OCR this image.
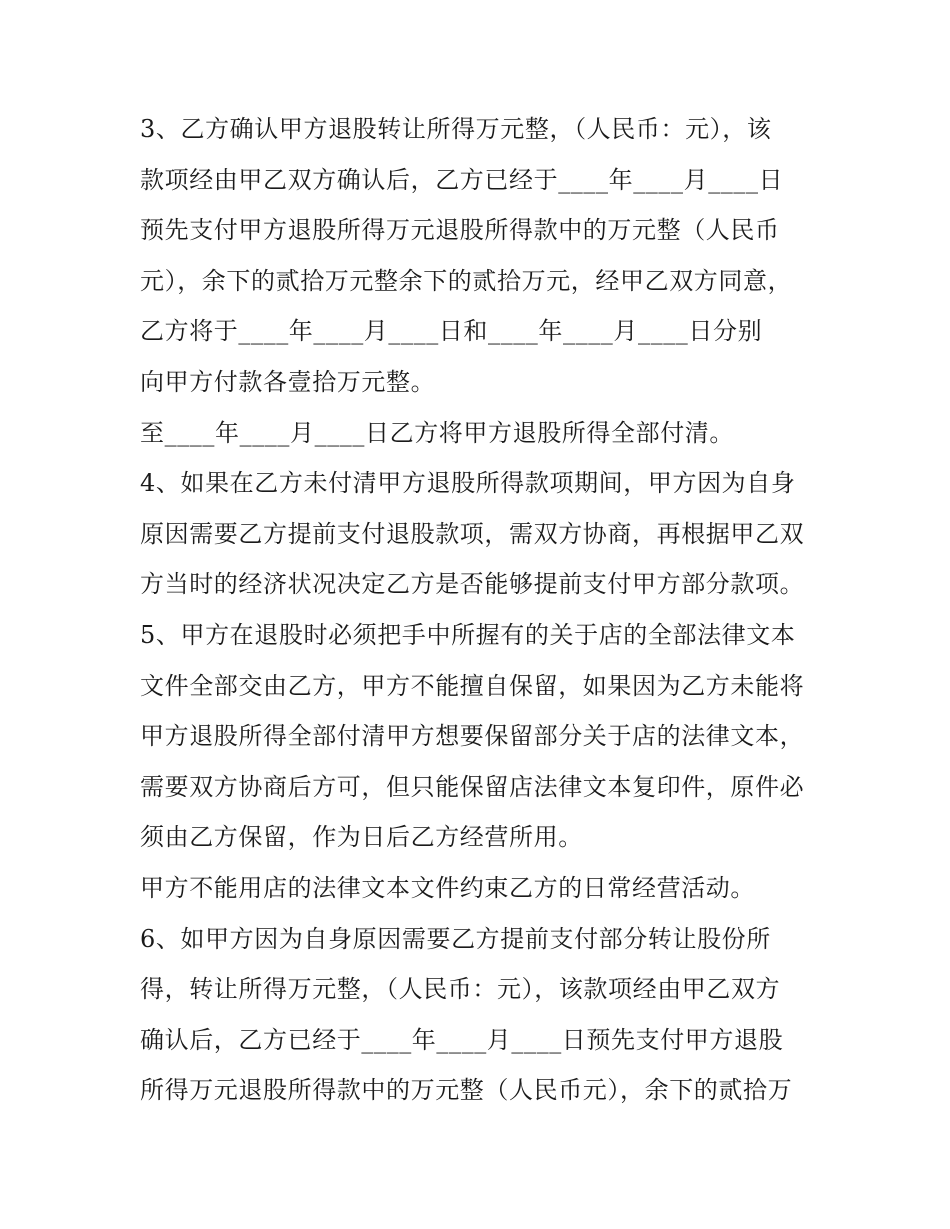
3、乙方确认甲方退股转让所得万元整，（人民币：元），该
款项经由甲乙双方确认后，乙方已经于____年____月____日
预先支付甲方退股所得万元退股所得款中的万元整（人民币
元），余下的贰拾万元整余下的贰拾万元，经甲乙双方同意，
乙方将于____年____月____日和____年____月____日分别
向甲方付款各壹拾万元整。
至____年____月____日乙方将甲方退股所得全部付清。
4、如果在乙方未付清甲方退股所得款项期间，甲方因为自身
原因需要乙方提前支付退股款项，需双方协商，再根据甲乙双
方当时的经济状况决定乙方是否能够提前支付甲方部分款项。
5、甲方在退股时必须把手中所握有的关于店的全部法律文本
文件全部交由乙方，甲方不能擅自保留，如果因为乙方未能将
甲方退股所得全部付清甲方想要保留部分关于店的法律文本，
需要双方协商后方可，但只能保留店法律文本复印件，原件必
须由乙方保留，作为日后乙方经营所用。
甲方不能用店的法律文本文件约束乙方的日常经营活动。
6、如甲方因为自身原因需要乙方提前支付部分转让股份所
得，转让所得万元整，（人民币：元），该款项经由甲乙双方
确认后，乙方已经于____年____月____日预先支付甲方退股
所得万元退股所得款中的万元整（人民币元），余下的贰拾万
